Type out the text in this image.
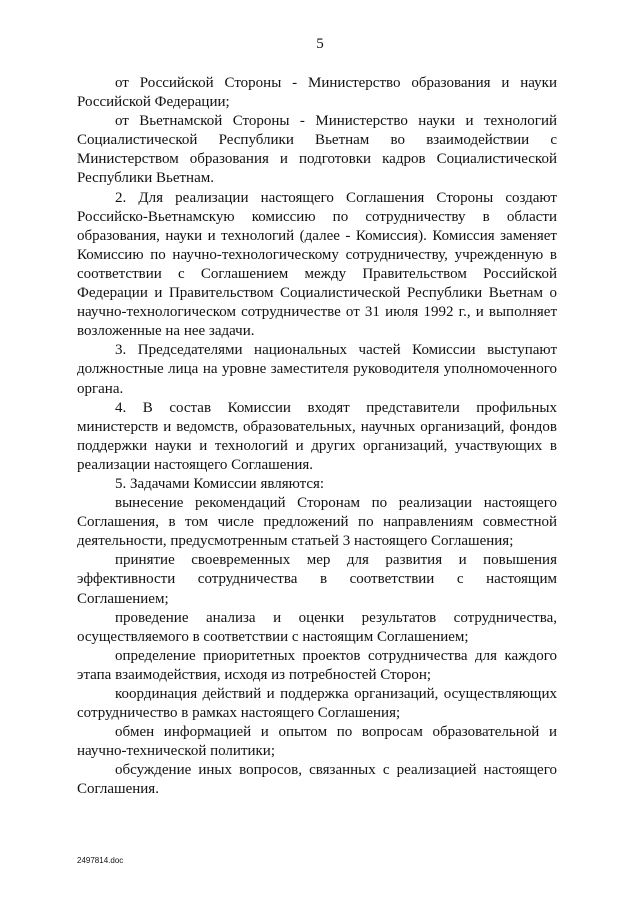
5

от Российской Стороны - Министерство образования и науки Российской Федерации;

от Вьетнамской Стороны - Министерство науки и технологий Социалистической Республики Вьетнам во взаимодействии с Министерством образования и подготовки кадров Социалистической Республики Вьетнам.

2. Для реализации настоящего Соглашения Стороны создают Российско-Вьетнамскую комиссию по сотрудничеству в области образования, науки и технологий (далее - Комиссия). Комиссия заменяет Комиссию по научно-технологическому сотрудничеству, учрежденную в соответствии с Соглашением между Правительством Российской Федерации и Правительством Социалистической Республики Вьетнам о научно-технологическом сотрудничестве от 31 июля 1992 г., и выполняет возложенные на нее задачи.

3. Председателями национальных частей Комиссии выступают должностные лица на уровне заместителя руководителя уполномоченного органа.

4. В состав Комиссии входят представители профильных министерств и ведомств, образовательных, научных организаций, фондов поддержки науки и технологий и других организаций, участвующих в реализации настоящего Соглашения.

5. Задачами Комиссии являются:

вынесение рекомендаций Сторонам по реализации настоящего Соглашения, в том числе предложений по направлениям совместной деятельности, предусмотренным статьей 3 настоящего Соглашения;

принятие своевременных мер для развития и повышения эффективности сотрудничества в соответствии с настоящим Соглашением;

проведение анализа и оценки результатов сотрудничества, осуществляемого в соответствии с настоящим Соглашением;

определение приоритетных проектов сотрудничества для каждого этапа взаимодействия, исходя из потребностей Сторон;

координация действий и поддержка организаций, осуществляющих сотрудничество в рамках настоящего Соглашения;

обмен информацией и опытом по вопросам образовательной и научно-технической политики;

обсуждение иных вопросов, связанных с реализацией настоящего Соглашения.

2497814.doc
